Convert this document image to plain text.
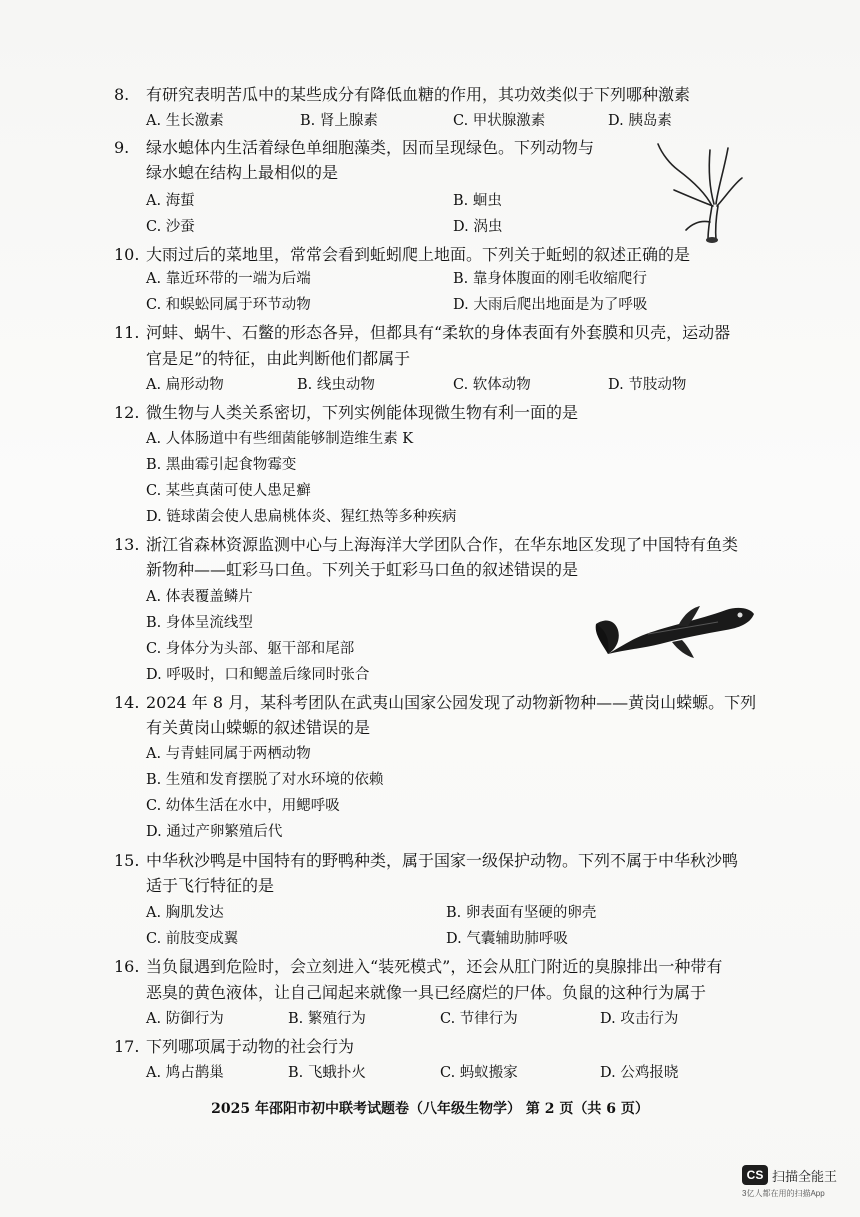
8. 有研究表明苦瓜中的某些成分有降低血糖的作用，其功效类似于下列哪种激素
A. 生长激素	B. 肾上腺素	C. 甲状腺激素	D. 胰岛素
9. 绿水螅体内生活着绿色单细胞藻类，因而呈现绿色。下列动物与
绿水螅在结构上最相似的是
A. 海蜇	B. 蛔虫
C. 沙蚕	D. 涡虫
10. 大雨过后的菜地里，常常会看到蚯蚓爬上地面。下列关于蚯蚓的叙述正确的是
A. 靠近环带的一端为后端	B. 靠身体腹面的刚毛收缩爬行
C. 和蜈蚣同属于环节动物	D. 大雨后爬出地面是为了呼吸
11. 河蚌、蜗牛、石鳖的形态各异，但都具有“柔软的身体表面有外套膜和贝壳，运动器
官是足”的特征，由此判断他们都属于
A. 扁形动物	B. 线虫动物	C. 软体动物	D. 节肢动物
12. 微生物与人类关系密切，下列实例能体现微生物有利一面的是
A. 人体肠道中有些细菌能够制造维生素 K
B. 黑曲霉引起食物霉变
C. 某些真菌可使人患足癣
D. 链球菌会使人患扁桃体炎、猩红热等多种疾病
13. 浙江省森林资源监测中心与上海海洋大学团队合作，在华东地区发现了中国特有鱼类
新物种——虹彩马口鱼。下列关于虹彩马口鱼的叙述错误的是
A. 体表覆盖鳞片
B. 身体呈流线型
C. 身体分为头部、躯干部和尾部
D. 呼吸时，口和鳃盖后缘同时张合
14. 2024 年 8 月，某科考团队在武夷山国家公园发现了动物新物种——黄岗山蝾螈。下列
有关黄岗山蝾螈的叙述错误的是
A. 与青蛙同属于两栖动物
B. 生殖和发育摆脱了对水环境的依赖
C. 幼体生活在水中，用鳃呼吸
D. 通过产卵繁殖后代
15. 中华秋沙鸭是中国特有的野鸭种类，属于国家一级保护动物。下列不属于中华秋沙鸭
适于飞行特征的是
A. 胸肌发达	B. 卵表面有坚硬的卵壳
C. 前肢变成翼	D. 气囊辅助肺呼吸
16. 当负鼠遇到危险时，会立刻进入“装死模式”，还会从肛门附近的臭腺排出一种带有
恶臭的黄色液体，让自己闻起来就像一具已经腐烂的尸体。负鼠的这种行为属于
A. 防御行为	B. 繁殖行为	C. 节律行为	D. 攻击行为
17. 下列哪项属于动物的社会行为
A. 鸠占鹊巢	B. 飞蛾扑火	C. 蚂蚁搬家	D. 公鸡报晓
2025 年邵阳市初中联考试题卷（八年级生物学） 第 2 页（共 6 页）
CS 扫描全能王
3亿人都在用的扫描App
